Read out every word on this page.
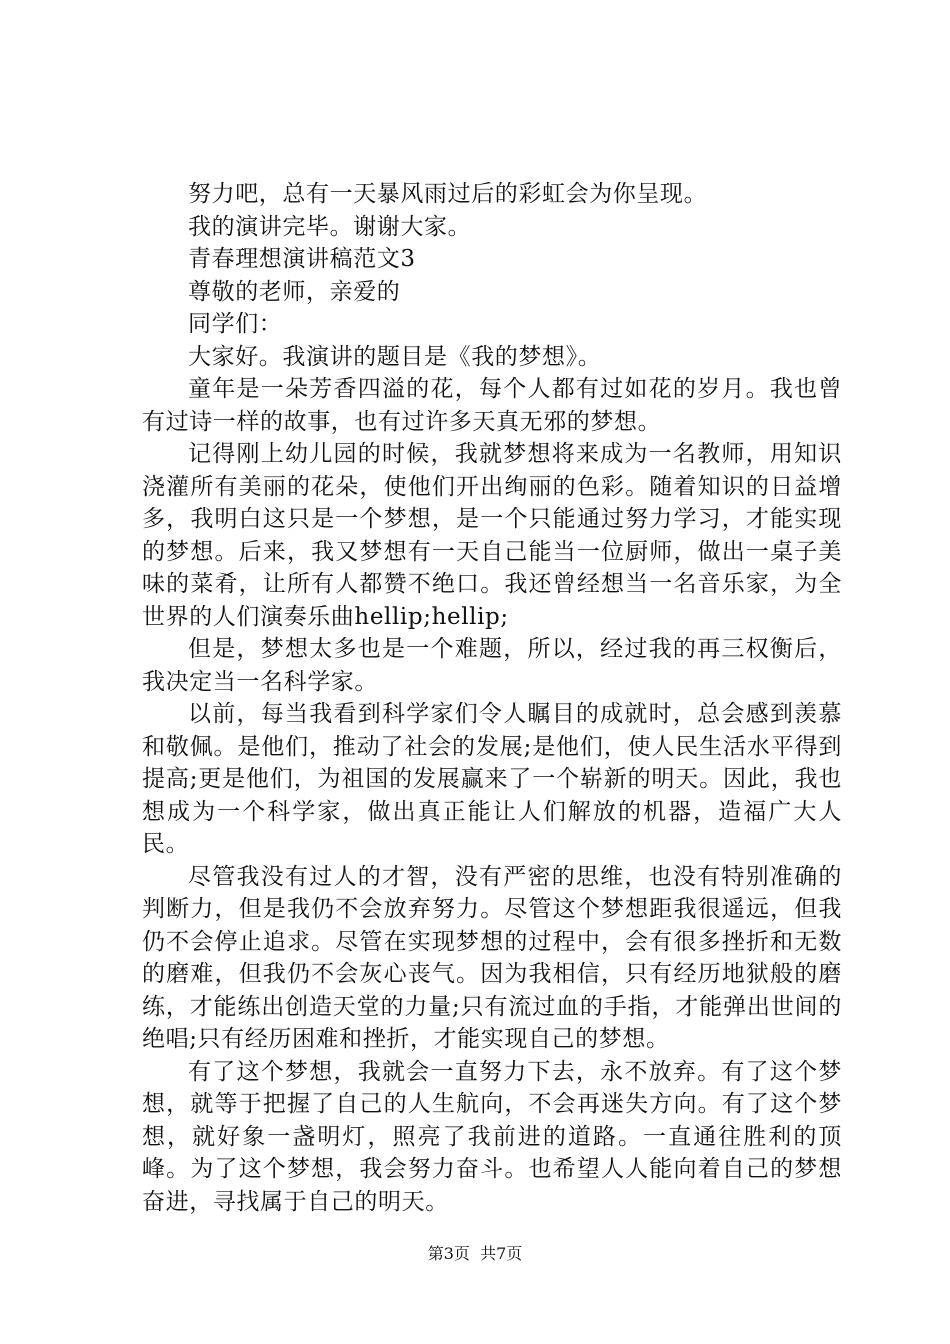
努力吧，总有一天暴风雨过后的彩虹会为你呈现。

我的演讲完毕。谢谢大家。

青春理想演讲稿范文3

尊敬的老师，亲爱的

同学们：

大家好。我演讲的题目是《我的梦想》。

童年是一朵芳香四溢的花，每个人都有过如花的岁月。我也曾有过诗一样的故事，也有过许多天真无邪的梦想。

记得刚上幼儿园的时候，我就梦想将来成为一名教师，用知识浇灌所有美丽的花朵，使他们开出绚丽的色彩。随着知识的日益增多，我明白这只是一个梦想，是一个只能通过努力学习，才能实现的梦想。后来，我又梦想有一天自己能当一位厨师，做出一桌子美味的菜肴，让所有人都赞不绝口。我还曾经想当一名音乐家，为全世界的人们演奏乐曲hellip;hellip;

但是，梦想太多也是一个难题，所以，经过我的再三权衡后，我决定当一名科学家。

以前，每当我看到科学家们令人瞩目的成就时，总会感到羡慕和敬佩。是他们，推动了社会的发展;是他们，使人民生活水平得到提高;更是他们，为祖国的发展赢来了一个崭新的明天。因此，我也想成为一个科学家，做出真正能让人们解放的机器，造福广大人民。

尽管我没有过人的才智，没有严密的思维，也没有特别准确的判断力，但是我仍不会放弃努力。尽管这个梦想距我很遥远，但我仍不会停止追求。尽管在实现梦想的过程中，会有很多挫折和无数的磨难，但我仍不会灰心丧气。因为我相信，只有经历地狱般的磨练，才能练出创造天堂的力量;只有流过血的手指，才能弹出世间的绝唱;只有经历困难和挫折，才能实现自己的梦想。

有了这个梦想，我就会一直努力下去，永不放弃。有了这个梦想，就等于把握了自己的人生航向，不会再迷失方向。有了这个梦想，就好象一盏明灯，照亮了我前进的道路。一直通往胜利的顶峰。为了这个梦想，我会努力奋斗。也希望人人能向着自己的梦想奋进，寻找属于自己的明天。

第3页 共7页
